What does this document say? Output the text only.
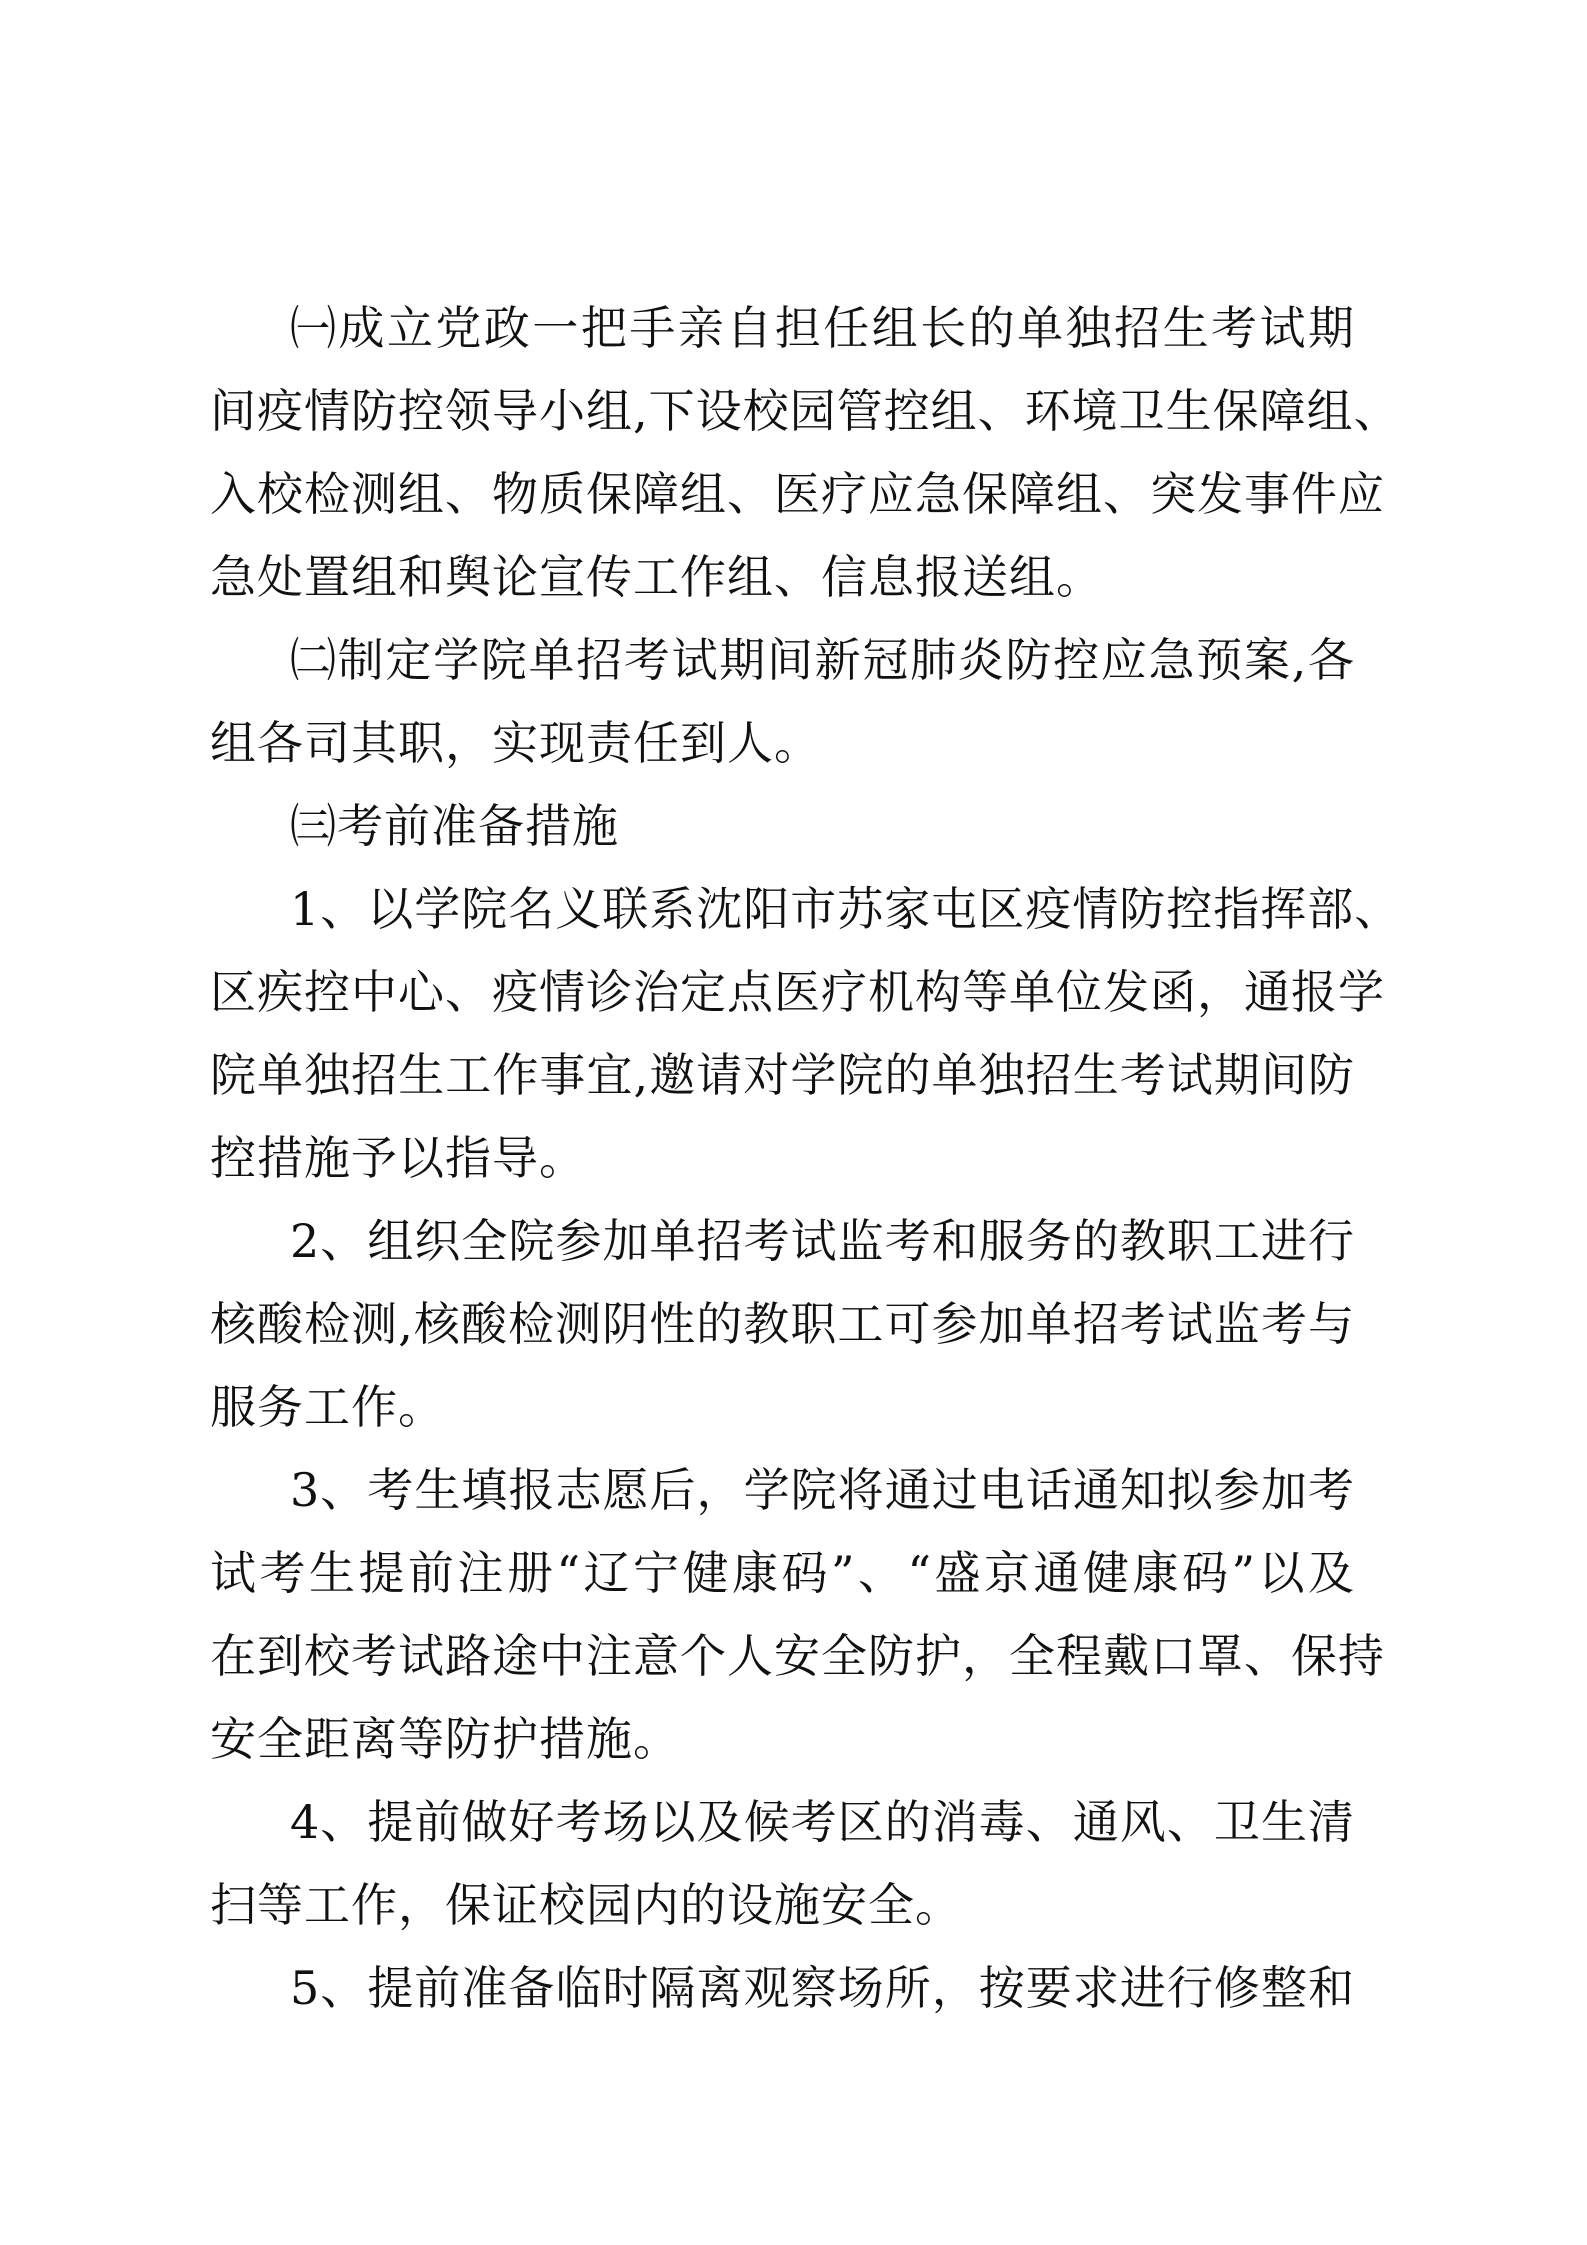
㈠成立党政一把手亲自担任组长的单独招生考试期
间疫情防控领导小组,下设校园管控组、环境卫生保障组、
入校检测组、物质保障组、医疗应急保障组、突发事件应
急处置组和舆论宣传工作组、信息报送组。
㈡制定学院单招考试期间新冠肺炎防控应急预案,各
组各司其职，实现责任到人。
㈢考前准备措施
1、以学院名义联系沈阳市苏家屯区疫情防控指挥部、
区疾控中心、疫情诊治定点医疗机构等单位发函，通报学
院单独招生工作事宜,邀请对学院的单独招生考试期间防
控措施予以指导。
2、组织全院参加单招考试监考和服务的教职工进行
核酸检测,核酸检测阴性的教职工可参加单招考试监考与
服务工作。
3、考生填报志愿后，学院将通过电话通知拟参加考
试考生提前注册“辽宁健康码”、“盛京通健康码”以及
在到校考试路途中注意个人安全防护，全程戴口罩、保持
安全距离等防护措施。
4、提前做好考场以及候考区的消毒、通风、卫生清
扫等工作，保证校园内的设施安全。
5、提前准备临时隔离观察场所，按要求进行修整和
